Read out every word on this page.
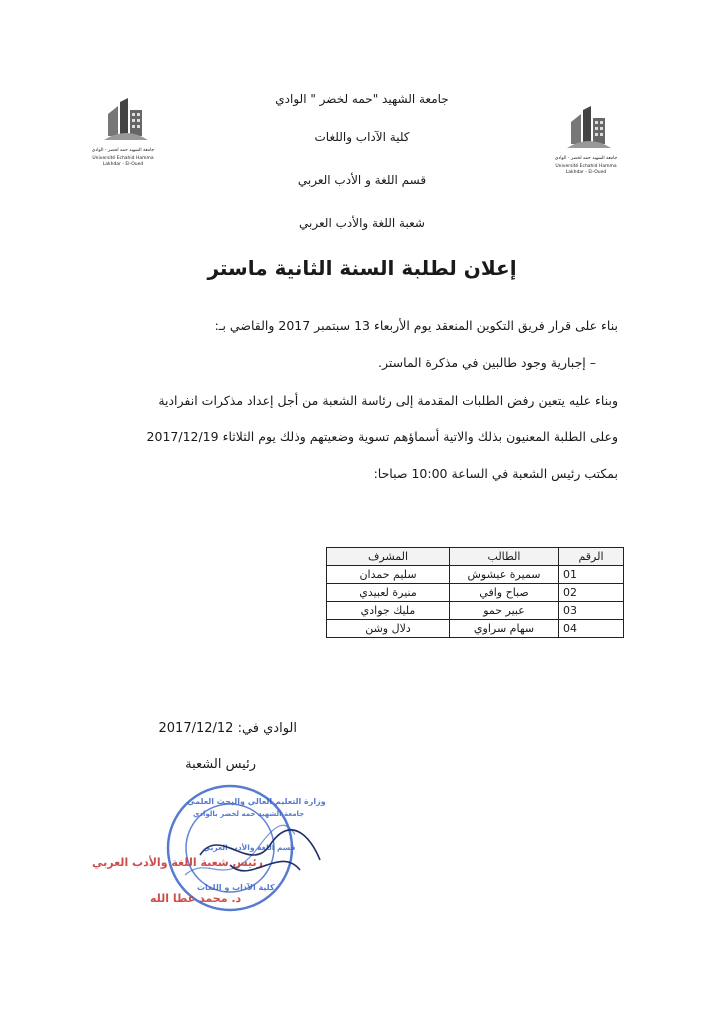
جامعة الشهيد حمه لخضر - الوادي
Université Echahid Hamma Lakhdar - El-Oued
جامعة الشهيد حمه لخضر - الوادي
Université Echahid Hamma Lakhdar - El-Oued
جامعة الشهيد "حمه لخضر " الوادي
كلية الآداب واللغات
قسم اللغة و الأدب العربي
شعبة اللغة والأدب العربي
إعلان لطلبة السنة الثانية ماستر
بناء على قرار فريق التكوين المنعقد يوم الأربعاء 13 سبتمبر 2017 والقاضي بـ:
– إجبارية وجود طالبين في مذكرة الماستر.
وبناء عليه يتعين رفض الطلبات المقدمة إلى رئاسة الشعبة من أجل إعداد مذكرات انفرادية
وعلى الطلبة المعنيون بذلك والاتية أسماؤهم تسوية وضعيتهم وذلك يوم الثلاثاء 2017/12/19
بمكتب رئيس الشعبة في الساعة 10:00 صباحا:
الرقم	الطالب	المشرف
01	سميرة عيشوش	سليم حمدان
02	صباح وافي	منيرة لعبيدي
03	عبير حمو	مليك جوادي
04	سهام سراوي	دلال وشن
الوادي في: 2017/12/12
رئيس الشعبة
وزارة التعليم العالي والبحث العلمي
جامعة الشهيد حمه لخضر بالوادي
قسم اللغة والأدب العربي
كلية الآداب و اللغات
رئيس شعبة اللغة والأدب العربي
د. محمد عطا الله
